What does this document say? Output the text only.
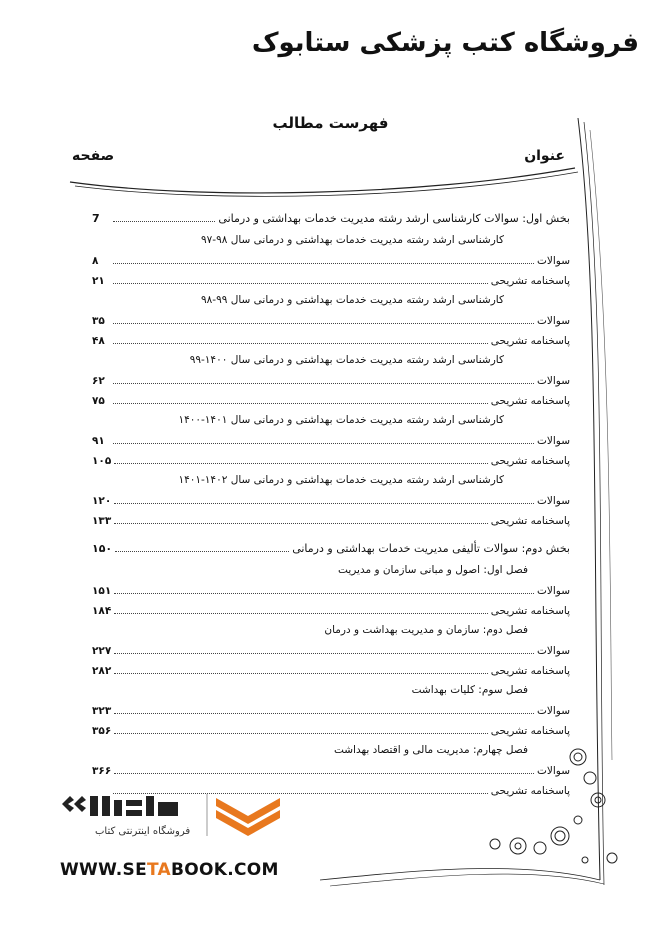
فروشگاه کتب پزشکی ستابوک
فهرست مطالب
عنوان
صفحه
بخش اول: سوالات کارشناسی ارشد رشته مدیریت خدمات بهداشتی و درمانی
7
کارشناسی ارشد رشته مدیریت خدمات بهداشتی و درمانی سال ۹۸-۹۷
سوالات
۸
پاسخنامه تشریحی
۲۱
کارشناسی ارشد رشته مدیریت خدمات بهداشتی و درمانی سال ۹۹-۹۸
سوالات
۳۵
پاسخنامه تشریحی
۴۸
کارشناسی ارشد رشته مدیریت خدمات بهداشتی و درمانی سال ۱۴۰۰-۹۹
سوالات
۶۲
پاسخنامه تشریحی
۷۵
کارشناسی ارشد رشته مدیریت خدمات بهداشتی و درمانی سال ۱۴۰۱-۱۴۰۰
سوالات
۹۱
پاسخنامه تشریحی
۱۰۵
کارشناسی ارشد رشته مدیریت خدمات بهداشتی و درمانی سال ۱۴۰۲-۱۴۰۱
سوالات
۱۲۰
پاسخنامه تشریحی
۱۳۳
بخش دوم: سوالات تألیفی مدیریت خدمات بهداشتی و درمانی
۱۵۰
فصل اول: اصول و مبانی سازمان و مدیریت
سوالات
۱۵۱
پاسخنامه تشریحی
۱۸۴
فصل دوم: سازمان و مدیریت بهداشت و درمان
سوالات
۲۲۷
پاسخنامه تشریحی
۲۸۲
فصل سوم: کلیات بهداشت
سوالات
۳۲۳
پاسخنامه تشریحی
۳۵۶
فصل چهارم: مدیریت مالی و اقتصاد بهداشت
سوالات
۳۶۶
پاسخنامه تشریحی
فروشگاه اینترنتی کتاب
WWW.SETABOOK.COM
